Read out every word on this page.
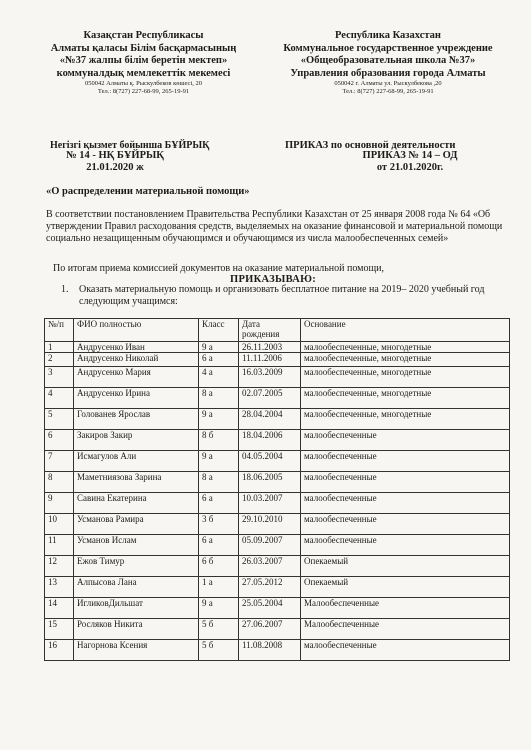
Казақстан Республикасы
Алматы қаласы Білім басқармасының
«№37 жалпы білім беретін мектеп»
коммуналдық мемлекеттік мекемесі
050042 Алматы қ. Рыскулбеков көшесі, 20
Тел.: 8(727) 227-68-99, 265-19-91
Республика Казахстан
Коммунальное государственное учреждение
«Общеобразовательная школа №37»
Управления образования города Алматы
050042 г. Алматы ул. Рыскулбекова ,20
Тел.: 8(727) 227-68-99, 265-19-91
Негізгі қызмет бойынша БҰЙРЫҚ	ПРИКАЗ по основной деятельности
№ 14 - НҚ БҰЙРЫҚ
21.01.2020 ж
ПРИКАЗ № 14 – ОД
от 21.01.2020г.
«О распределении материальной помощи»
В соответствии постановлением Правительства Республики Казахстан от 25 января 2008 года № 64 «Об утверждении Правил расходования средств, выделяемых на оказание финансовой и материальной помощи социально незащищенным обучающимся и обучающимся из числа малообеспеченных семей»
По итогам приема комиссией документов на оказание материальной помощи,
ПРИКАЗЫВАЮ:
1. Оказать материальную помощь и организовать бесплатное питание на 2019– 2020 учебный год следующим учащимся:
№/п	ФИО полностью	Класс	Дата рождения	Основание
1	Андрусенко Иван	9 а	26.11.2003	малообеспеченные, многодетные
2	Андрусенко Николай	6 а	11.11.2006	малообеспеченные, многодетные
3	Андрусенко Мария	4 а	16.03.2009	малообеспеченные, многодетные
4	Андрусенко Ирина	8 а	02.07.2005	малообеспеченные, многодетные
5	Голованев Ярослав	9 а	28.04.2004	малообеспеченные, многодетные
6	Закиров Закир	8 б	18.04.2006	малообеспеченные
7	Исмагулов Али	9 а	04.05.2004	малообеспеченные
8	Маметниязова Зарина	8 а	18.06.2005	малообеспеченные
9	Савина Екатерина	6 а	10.03.2007	малообеспеченные
10	Усманова Рамира	3 б	29.10.2010	малообеспеченные
11	Усманов Ислам	6 а	05.09.2007	малообеспеченные
12	Ежов Тимур	6 б	26.03.2007	Опекаемый
13	Алпысова Лана	1 а	27.05.2012	Опекаемый
14	ИгликовДильшат	9 а	25.05.2004	Малообеспеченные
15	Росляков Никита	5 б	27.06.2007	Малообеспеченные
16	Нагорнова Ксения	5 б	11.08.2008	малообеспеченные
